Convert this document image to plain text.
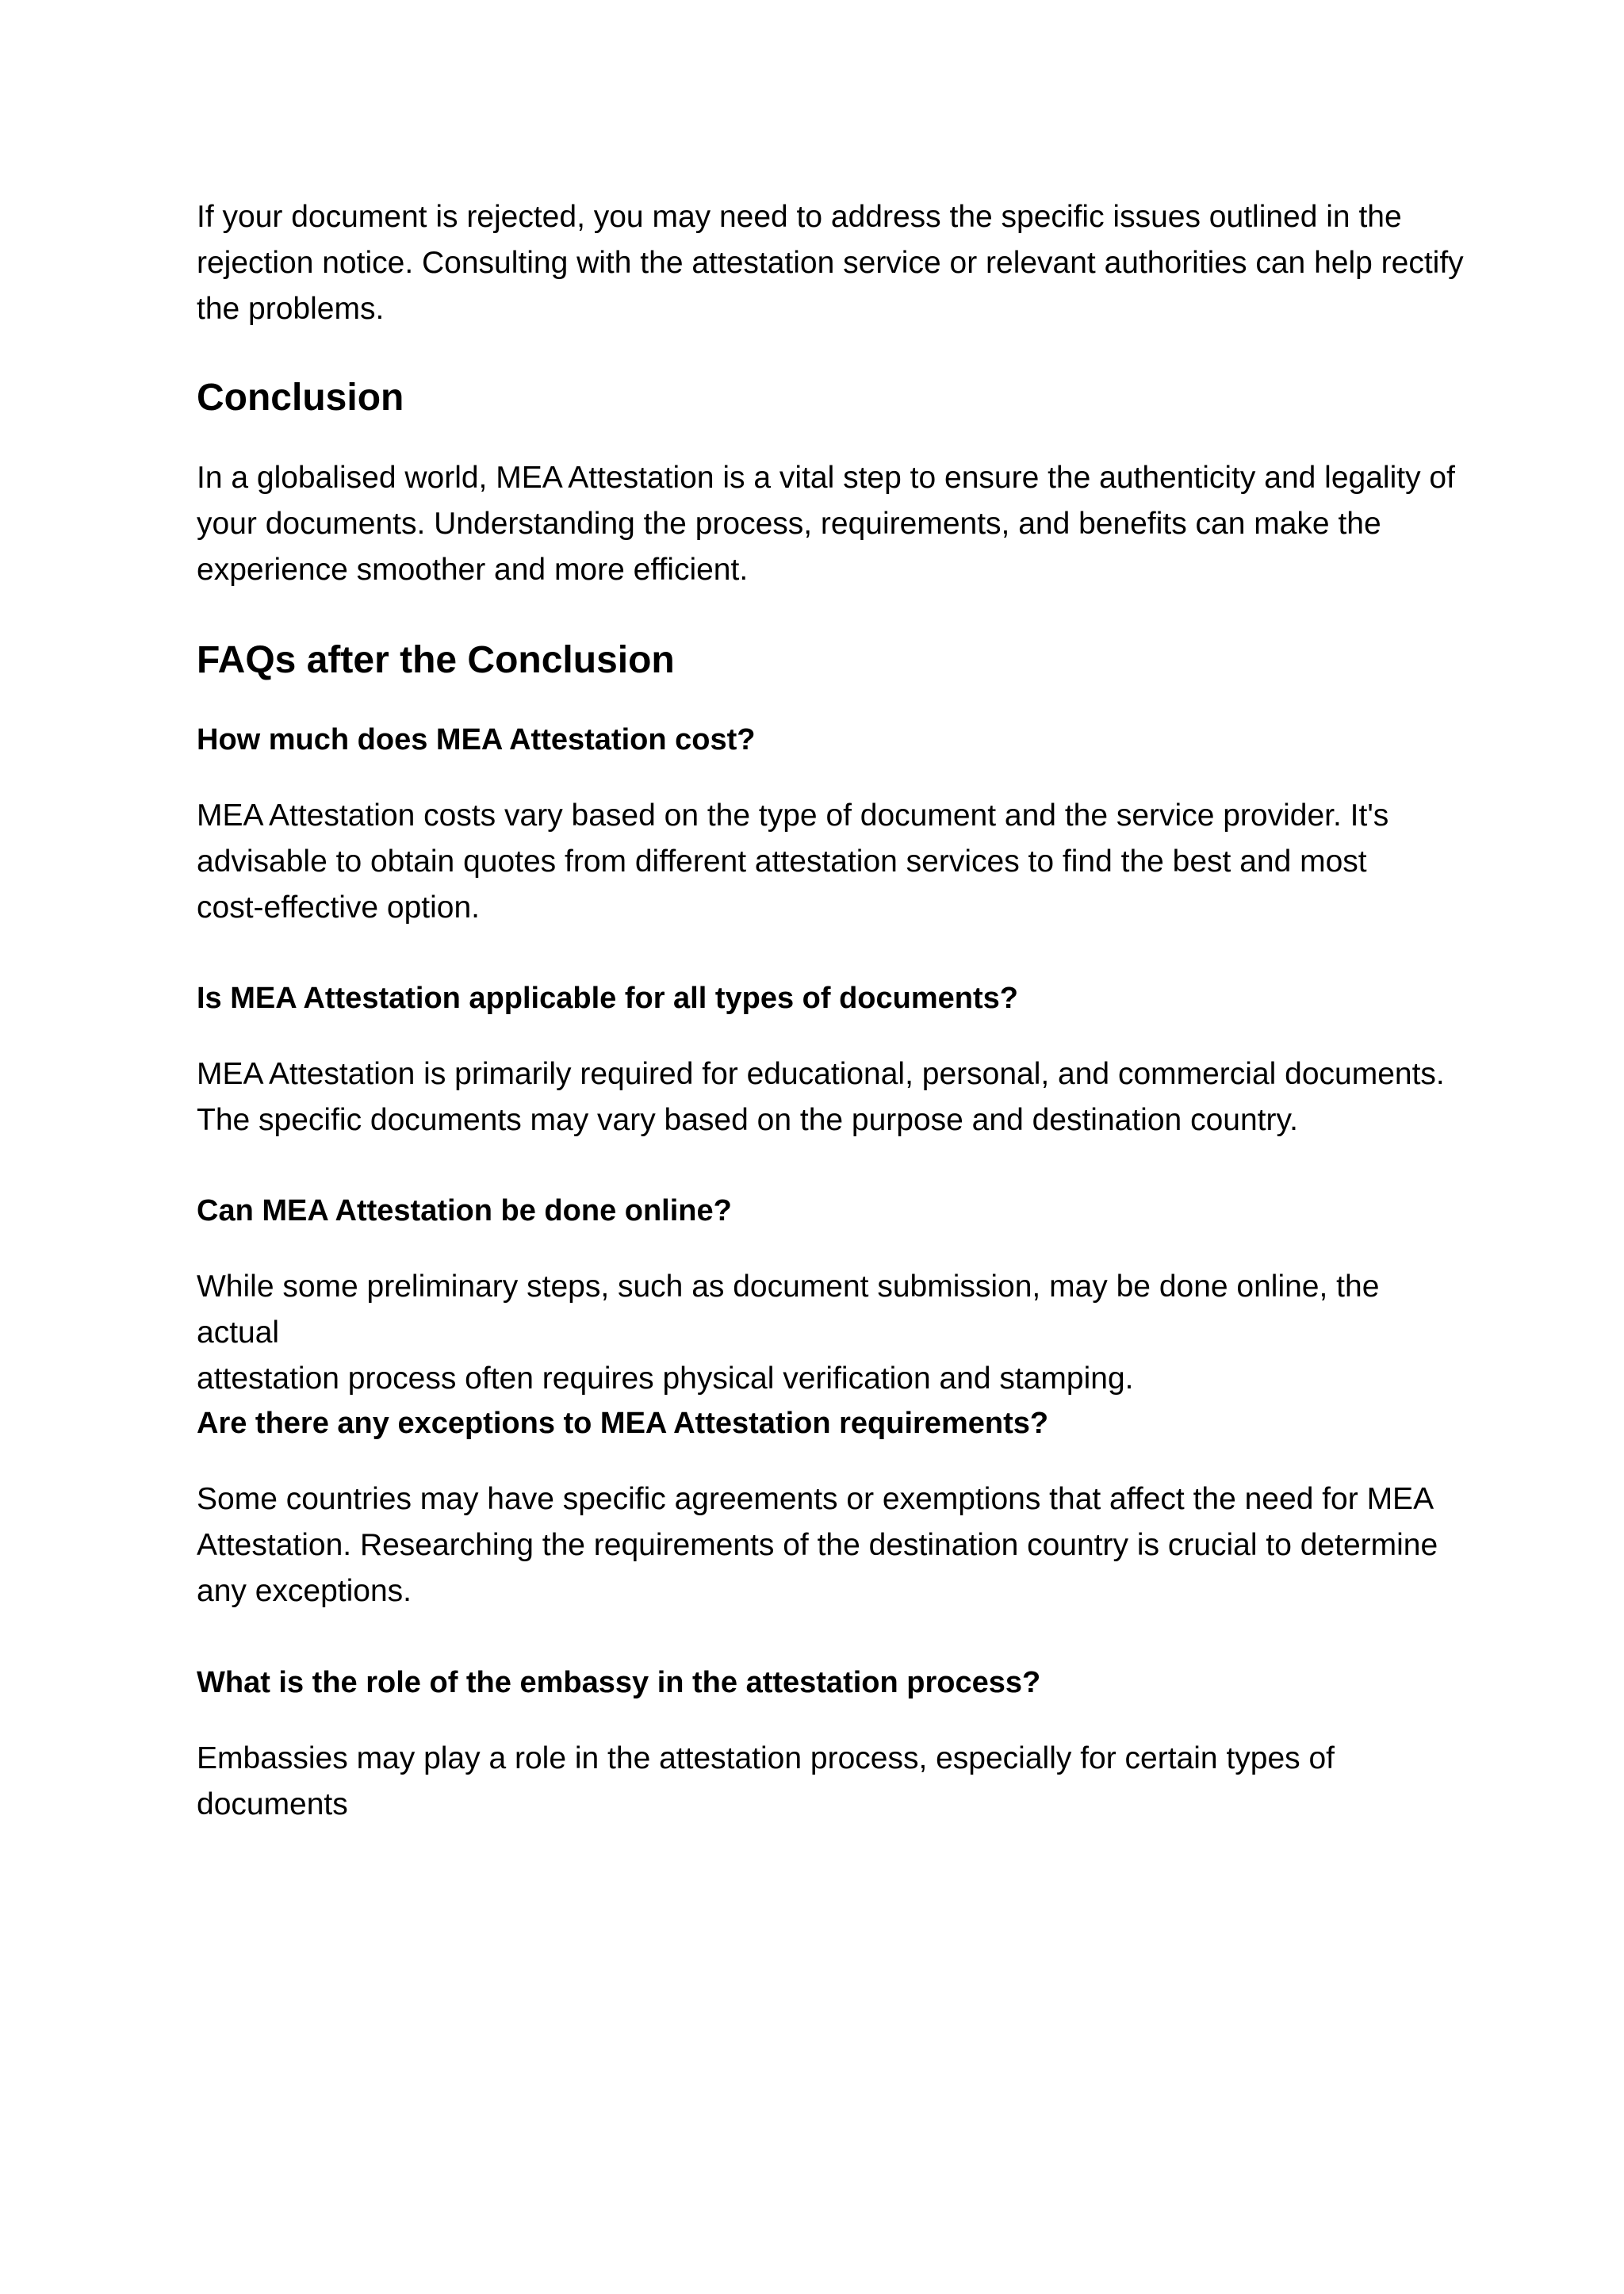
If your document is rejected, you may need to address the specific issues outlined in the
rejection notice. Consulting with the attestation service or relevant authorities can help rectify
the problems.

Conclusion

In a globalised world, MEA Attestation is a vital step to ensure the authenticity and legality of
your documents. Understanding the process, requirements, and benefits can make the
experience smoother and more efficient.

FAQs after the Conclusion
How much does MEA Attestation cost?

MEA Attestation costs vary based on the type of document and the service provider. It's
advisable to obtain quotes from different attestation services to find the best and most
cost-effective option.

Is MEA Attestation applicable for all types of documents?

MEA Attestation is primarily required for educational, personal, and commercial documents.
The specific documents may vary based on the purpose and destination country.

Can MEA Attestation be done online?

While some preliminary steps, such as document submission, may be done online, the actual
attestation process often requires physical verification and stamping.

Are there any exceptions to MEA Attestation requirements?

Some countries may have specific agreements or exemptions that affect the need for MEA
Attestation. Researching the requirements of the destination country is crucial to determine
any exceptions.

What is the role of the embassy in the attestation process?

Embassies may play a role in the attestation process, especially for certain types of documents
